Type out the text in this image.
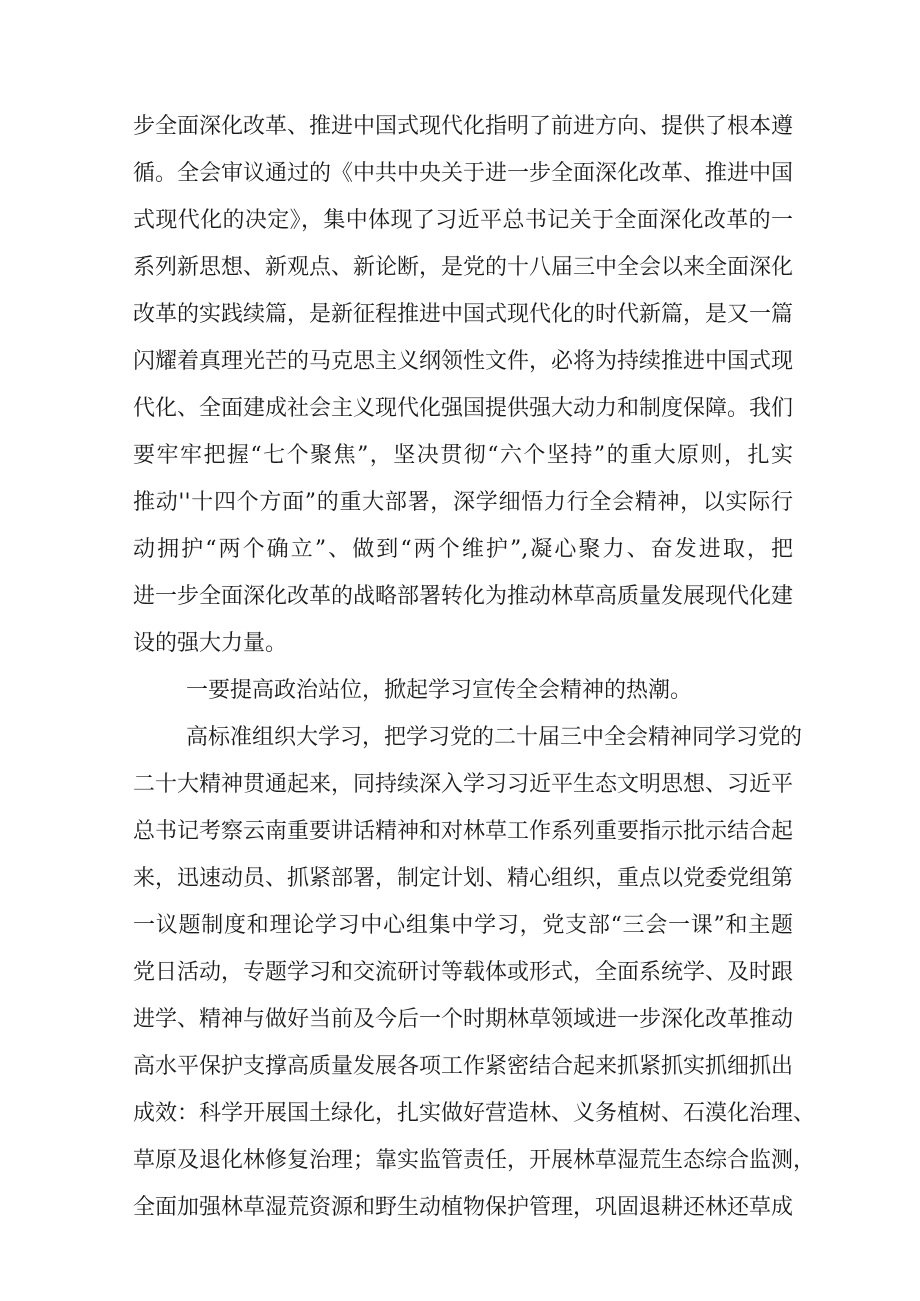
步全面深化改革、推进中国式现代化指明了前进方向、提供了根本遵
循。全会审议通过的《中共中央关于进一步全面深化改革、推进中国
式现代化的决定》，集中体现了习近平总书记关于全面深化改革的一
系列新思想、新观点、新论断，是党的十八届三中全会以来全面深化
改革的实践续篇，是新征程推进中国式现代化的时代新篇，是又一篇
闪耀着真理光芒的马克思主义纲领性文件，必将为持续推进中国式现
代化、全面建成社会主义现代化强国提供强大动力和制度保障。我们
要牢牢把握“七个聚焦”，坚决贯彻“六个坚持”的重大原则，扎实
推动''十四个方面”的重大部署，深学细悟力行全会精神，以实际行
动拥护“两个确立”、做到“两个维护”,凝心聚力、奋发进取，把
进一步全面深化改革的战略部署转化为推动林草高质量发展现代化建
设的强大力量。
一要提高政治站位，掀起学习宣传全会精神的热潮。
高标准组织大学习，把学习党的二十届三中全会精神同学习党的
二十大精神贯通起来，同持续深入学习习近平生态文明思想、习近平
总书记考察云南重要讲话精神和对林草工作系列重要指示批示结合起
来，迅速动员、抓紧部署，制定计划、精心组织，重点以党委党组第
一议题制度和理论学习中心组集中学习，党支部“三会一课”和主题
党日活动，专题学习和交流研讨等载体或形式，全面系统学、及时跟
进学、精神与做好当前及今后一个时期林草领域进一步深化改革推动
高水平保护支撑高质量发展各项工作紧密结合起来抓紧抓实抓细抓出
成效：科学开展国土绿化，扎实做好营造林、义务植树、石漠化治理、
草原及退化林修复治理；靠实监管责任，开展林草湿荒生态综合监测，
全面加强林草湿荒资源和野生动植物保护管理，巩固退耕还林还草成
